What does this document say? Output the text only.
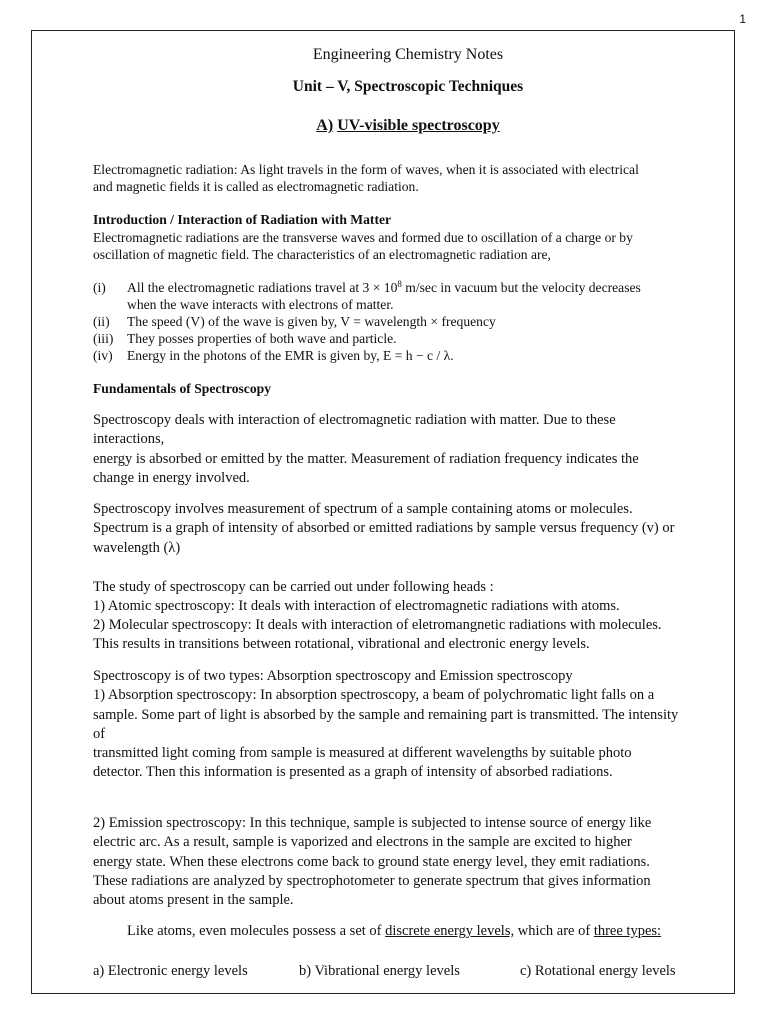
1
Engineering Chemistry Notes
Unit – V, Spectroscopic Techniques
A) UV-visible spectroscopy
Electromagnetic radiation: As light travels in the form of waves, when it is associated with electrical
and magnetic fields it is called as electromagnetic radiation.
Introduction / Interaction of Radiation with Matter
Electromagnetic radiations are the transverse waves and formed due to oscillation of a charge or by
oscillation of magnetic field. The characteristics of an electromagnetic radiation are,
(i) All the electromagnetic radiations travel at $3 \times 10^8$ m/sec in vacuum but the velocity decreases
when the wave interacts with electrons of matter.
(ii) The speed (V) of the wave is given by, V = wavelength × frequency
(iii) They posses properties of both wave and particle.
(iv) Energy in the photons of the EMR is given by, E = h − c / λ.
Fundamentals of Spectroscopy
Spectroscopy deals with interaction of electromagnetic radiation with matter. Due to these
interactions,
energy is absorbed or emitted by the matter. Measurement of radiation frequency indicates the
change in energy involved.
Spectroscopy involves measurement of spectrum of a sample containing atoms or molecules.
Spectrum is a graph of intensity of absorbed or emitted radiations by sample versus frequency (v) or
wavelength (λ)
The study of spectroscopy can be carried out under following heads :
1) Atomic spectroscopy: It deals with interaction of electromagnetic radiations with atoms.
2) Molecular spectroscopy: It deals with interaction of eletromangnetic radiations with molecules.
This results in transitions between rotational, vibrational and electronic energy levels.
Spectroscopy is of two types: Absorption spectroscopy and Emission spectroscopy
1) Absorption spectroscopy: In absorption spectroscopy, a beam of polychromatic light falls on a
sample. Some part of light is absorbed by the sample and remaining part is transmitted. The intensity
of
transmitted light coming from sample is measured at different wavelengths by suitable photo
detector. Then this information is presented as a graph of intensity of absorbed radiations.
2) Emission spectroscopy: In this technique, sample is subjected to intense source of energy like
electric arc. As a result, sample is vaporized and electrons in the sample are excited to higher
energy state. When these electrons come back to ground state energy level, they emit radiations.
These radiations are analyzed by spectrophotometer to generate spectrum that gives information
about atoms present in the sample.
Like atoms, even molecules possess a set of discrete energy levels, which are of three types:
a) Electronic energy levels	b) Vibrational energy levels	c) Rotational energy levels
